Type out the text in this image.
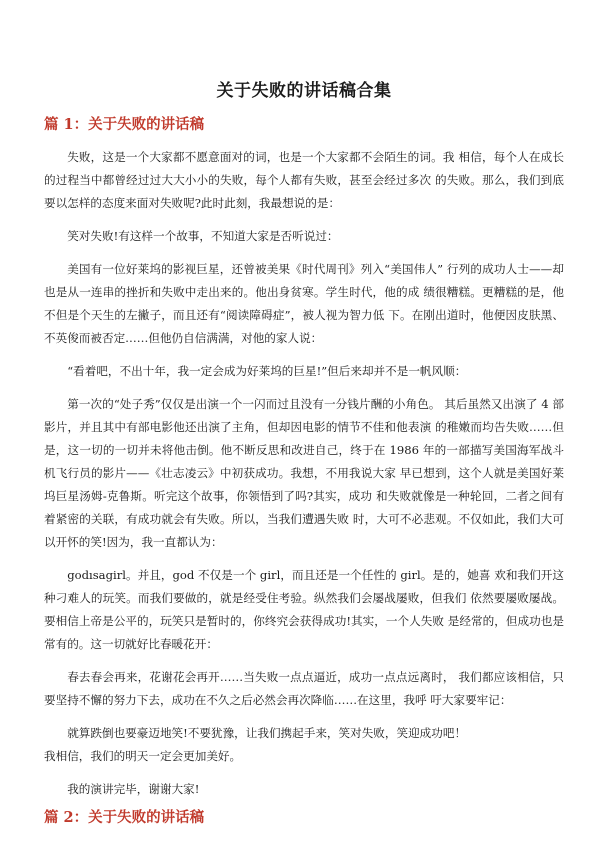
关于失败的讲话稿合集
篇 1：关于失败的讲话稿

失败，这是一个大家都不愿意面对的词，也是一个大家都不会陌生的词。我 相信，每个人在成长的过程当中都曾经过过大大小小的失败，每个人都有失败，甚至会经过多次 的失败。那么，我们到底要以怎样的态度来面对失败呢?此时此刻，我最想说的是：

笑对失败!有这样一个故事，不知道大家是否听说过：

美国有一位好莱坞的影视巨星，还曾被美果《时代周刊》列入“美国伟人” 行列的成功人士——却也是从一连串的挫折和失败中走出来的。他出身贫寒。学生时代，他的成 绩很糟糕。更糟糕的是，他不但是个天生的左撇子，而且还有“阅读障碍症”，被人视为智力低 下。在刚出道时，他便因皮肤黑、不英俊而被否定……但他仍自信满满，对他的家人说：

“看着吧，不出十年，我一定会成为好莱坞的巨星!”但后来却并不是一帆风顺：

第一次的“处子秀”仅仅是出演一个一闪而过且没有一分钱片酬的小角色。 其后虽然又出演了 4 部影片，并且其中有部电影他还出演了主角，但却因电影的情节不佳和他表演 的稚嫩而均告失败……但是，这一切的一切并未将他击倒。他不断反思和改进自己，终于在 1986 年的一部描写美国海军战斗机飞行员的影片——《壮志凌云》中初获成功。我想，不用我说大家 早已想到，这个人就是美国好莱坞巨星汤姆-克鲁斯。听完这个故事，你领悟到了吗?其实，成功 和失败就像是一种轮回，二者之间有着紧密的关联，有成功就会有失败。所以，当我们遭遇失败 时，大可不必悲观。不仅如此，我们大可以开怀的笑!因为，我一直都认为：

godısagirl。并且，god 不仅是一个 girl，而且还是一个任性的 girl。是的，她喜 欢和我们开这种刁难人的玩笑。而我们要做的，就是经受住考验。纵然我们会屡战屡败，但我们 依然要屡败屡战。要相信上帝是公平的，玩笑只是暂时的，你终究会获得成功!其实，一个人失败 是经常的，但成功也是常有的。这一切就好比春暖花开：

春去春会再来，花谢花会再开……当失败一点点逼近，成功一点点远离时， 我们都应该相信，只要坚持不懈的努力下去，成功在不久之后必然会再次降临……在这里，我呼 吁大家要牢记：

就算跌倒也要豪迈地笑!不要犹豫，让我们携起手来，笑对失败，笑迎成功吧！

我相信，我们的明天一定会更加美好。

我的演讲完毕，谢谢大家!

篇 2：关于失败的讲话稿
